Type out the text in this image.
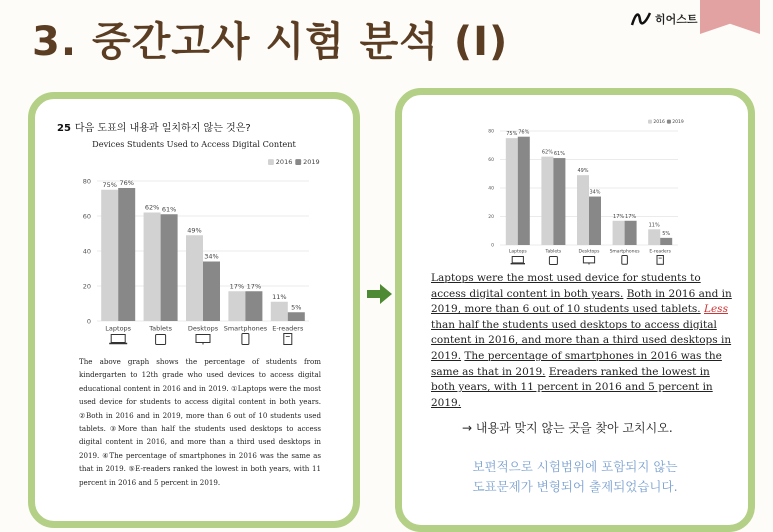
3. 중간고사 시험 분석 (I)	히어스트
25 다음 도표의 내용과 일치하지 않는 것은?
Devices Students Used to Access Digital Content
0
20
40
60
80 75% 76%
Laptops
62% 61%
Tablets
49%
34%
Desktops
17% 17%
Smartphones
11%
5%
E-readers
2016 2019
The above graph shows the percentage of students from kindergarten to 12th grade who used devices to access digital educational content in 2016 and in 2019. ①Laptops were the most used device for students to access digital content in both years. ②Both in 2016 and in 2019, more than 6 out of 10 students used tablets. ③More than half the students used desktops to access digital content in 2016, and more than a third used desktops in 2019. ④The percentage of smartphones in 2016 was the same as that in 2019. ⑤E-readers ranked the lowest in both years, with 11 percent in 2016 and 5 percent in 2019.
0
20
40
60
80 75% 76%
Laptops
62% 61%
Tablets
49%
34%
Desktops
17% 17%
Smartphones
11%
5%
E-readers
2016 2019
Laptops were the most used device for students to access digital content in both years. Both in 2016 and in 2019, more than 6 out of 10 students used tablets. Less than half the students used desktops to access digital content in 2016, and more than a third used desktops in 2019. The percentage of smartphones in 2016 was the same as that in 2019. Ereaders ranked the lowest in both years, with 11 percent in 2016 and 5 percent in 2019.
→ 내용과 맞지 않는 곳을 찾아 고치시오.
보편적으로 시험범위에 포함되지 않는
도표문제가 변형되어 출제되었습니다.
